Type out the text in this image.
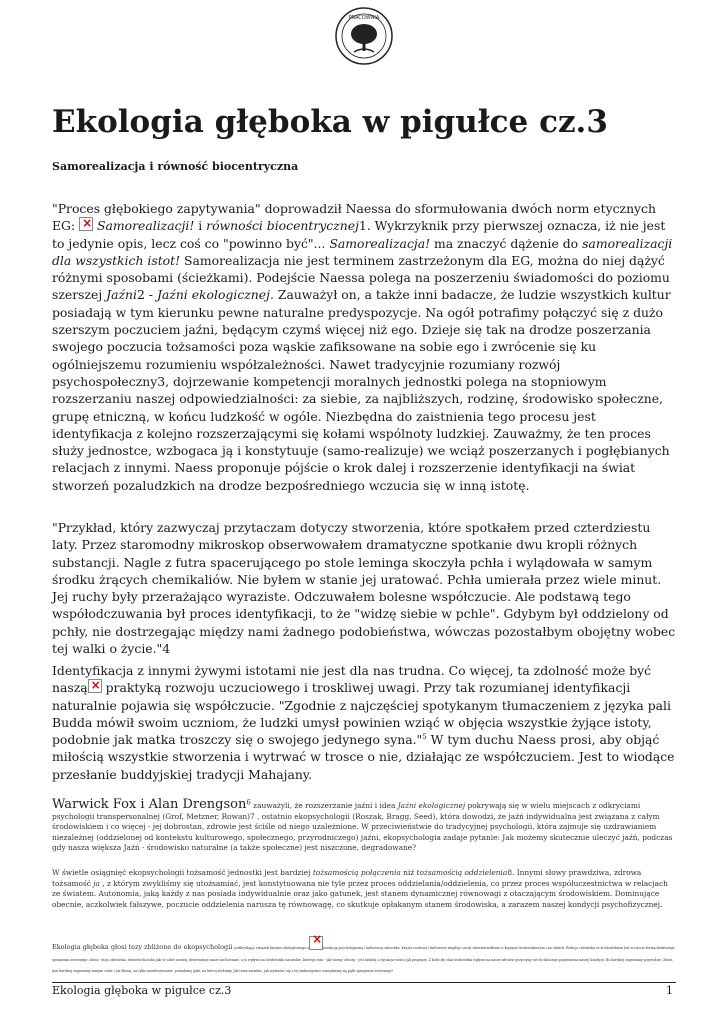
PRACOWNIA
Ekologia głęboka w pigułce cz.3

Samorealizacja i równość biocentryczna

"Proces głębokiego zapytywania" doprowadził Naessa do sformułowania dwóch norm etycznych EG: × Samorealizacji! i równości biocentrycznej1. Wykrzyknik przy pierwszej oznacza, iż nie jest to jedynie opis, lecz coś co "powinno być"... Samorealizacja! ma znaczyć dążenie do samorealizacji dla wszystkich istot! Samorealizacja nie jest terminem zastrzeżonym dla EG, można do niej dążyć różnymi sposobami (ścieżkami). Podejście Naessa polega na poszerzeniu świadomości do poziomu szerszej Jaźni2 - Jaźni ekologicznej. Zauważył on, a także inni badacze, że ludzie wszystkich kultur posiadają w tym kierunku pewne naturalne predyspozycje. Na ogół potrafimy połączyć się z dużo szerszym poczuciem jaźni, będącym czymś więcej niż ego. Dzieje się tak na drodze poszerzania swojego poczucia tożsamości poza wąskie zafiksowane na sobie ego i zwrócenie się ku ogólniejszemu rozumieniu współzależności. Nawet tradycyjnie rozumiany rozwój psychospołeczny3, dojrzewanie kompetencji moralnych jednostki polega na stopniowym rozszerzaniu naszej odpowiedzialności: za siebie, za najbliższych, rodzinę, środowisko społeczne, grupę etniczną, w końcu ludzkość w ogóle. Niezbędna do zaistnienia tego procesu jest identyfikacja z kolejno rozszerzającymi się kołami wspólnoty ludzkiej. Zauważmy, że ten proces służy jednostce, wzbogaca ją i konstytuuje (samo-realizuje) we wciąż poszerzanych i pogłębianych relacjach z innymi. Naess proponuje pójście o krok dalej i rozszerzenie identyfikacji na świat stworzeń pozaludzkich na drodze bezpośredniego wczucia się w inną istotę.

"Przykład, który zazwyczaj przytaczam dotyczy stworzenia, które spotkałem przed czterdziestu laty. Przez staromodny mikroskop obserwowałem dramatyczne spotkanie dwu kropli różnych substancji. Nagle z futra spacerującego po stole leminga skoczyła pchła i wylądowała w samym środku żrących chemikaliów. Nie byłem w stanie jej uratować. Pchła umierała przez wiele minut. Jej ruchy były przerażająco wyraziste. Odczuwałem bolesne współczucie. Ale podstawą tego współodczuwania był proces identyfikacji, to że "widzę siebie w pchle". Gdybym był oddzielony od pchły, nie dostrzegając między nami żadnego podobieństwa, wówczas pozostałbym obojętny wobec tej walki o życie."4

Identyfikacja z innymi żywymi istotami nie jest dla nas trudna. Co więcej, ta zdolność może być naszą× praktyką rozwoju uczuciowego i troskliwej uwagi. Przy tak rozumianej identyfikacji naturalnie pojawia się współczucie. "Zgodnie z najczęściej spotykanym tłumaczeniem z języka pali Budda mówił swoim uczniom, że ludzki umysł powinien wziąć w objęcia wszystkie żyjące istoty, podobnie jak matka troszczy się o swojego jedynego syna."$^5$ W tym duchu Naess prosi, aby objąć miłością wszystkie stworzenia i wytrwać w trosce o nie, działając ze współczuciem. Jest to wiodące przesłanie buddyjskiej tradycji Mahajany.

Warwick Fox i Alan Drengson$^6$ zauważyli, że rozszerzanie jaźni i idea Jaźni ekologicznej pokrywają się w wielu miejscach z odkryciami psychologii transpersonalnej (Grof, Metzner, Rowan)7 , ostatnio ekopsychologii (Roszak, Bragg, Seed), która dowodzi, że jaźń indywidualna jest związana z całym środowiskiem i co więcej - jej dobrostan, zdrowie jest ściśle od niego uzależnione. W przeciwieństwie do tradycyjnej psychologii, która zajmuje się uzdrawianiem niezależnej (oddzielonej od kontekstu kulturowego, społecznego, przyrodniczego) jaźni, ekopsychologia zadaje pytanie: Jak możemy skutecznie uleczyć jaźń, podczas gdy nasza większa Jaźń - środowisko naturalne (a także społeczne) jest niszczone, degradowane?
W świetle osiągnięć ekopsychologii tożsamość jednostki jest bardziej tożsamością połączenia niż tożsamością oddzielenia8. Innymi słowy prawdziwa, zdrowa tożsamość ja , z którym zwykliśmy się utożsamiać, jest konstytuowana nie tyle przez proces oddzielania/oddzielenia, co przez proces współuczestnictwa w relacjach ze światem. Autonomia, jaką każdy z nas posiada indywidualnie oraz jako gatunek, jest stanem dynamicznej równowagi z otaczającym środowiskiem. Dominujące obecnie, aczkolwiek fałszywe, poczucie oddzielenia narusza tę równowagę, co skutkuje opłakanym stanem środowiska, a zarazem naszej kondycji psychofizycznej.
Ekologia głęboka głosi tezy zbliżone do ekopsychologii, podkreślając związek kryzysu ekologicznego z×	kondycją psychologiczną i kulturową człowieka. Kryzys osobowy i kulturowy znajduje swoje odzwierciedlenie w kryzysie środowiskowym i na odwrót. Relacja człowieka ze środowiskiem jest w istocie formą dodatniego sprzężenia zwrotnego: obraz, wizja człowieka, zdrowie/choroba jaki w sobie nosimy, determinuje nasze zachowanie, a to wpływa na środowisko naturalne, którego stan - jak wiemy obecny - jest fatalny, a sytuacja wraca jak prognozy. Z kolei zły stan środowiska wpływa na nasze zdrowie przyczyny nie do dalszego pogorszenia naszej kondycji. Bo bardziej zagrażamy przyrodzie, Ziemi, tym bardziej zagrażamy samym sobie i już dłonią, na tylko manifestowanie, posiadamy gabi, na której siedzimy. Jak tema zaradzić, jak wydostać się z tej niekorzystnie zarządzanej się pętli sprzężenia zwrotnego?
Ekologia głęboka w pigułce cz.3	1
